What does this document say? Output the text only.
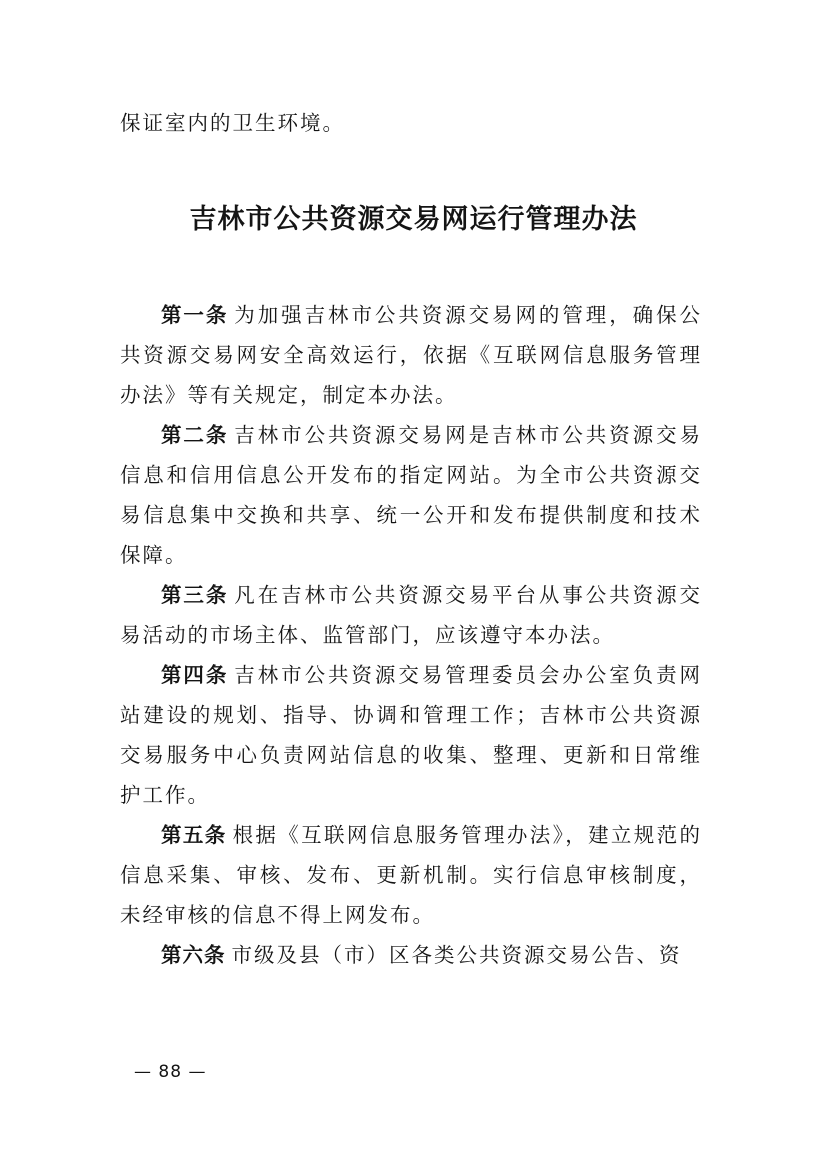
保证室内的卫生环境。
吉林市公共资源交易网运行管理办法

第一条 为加强吉林市公共资源交易网的管理，确保公共资源交易网安全高效运行，依据《互联网信息服务管理办法》等有关规定，制定本办法。

第二条 吉林市公共资源交易网是吉林市公共资源交易信息和信用信息公开发布的指定网站。为全市公共资源交易信息集中交换和共享、统一公开和发布提供制度和技术保障。

第三条 凡在吉林市公共资源交易平台从事公共资源交易活动的市场主体、监管部门，应该遵守本办法。

第四条 吉林市公共资源交易管理委员会办公室负责网站建设的规划、指导、协调和管理工作；吉林市公共资源交易服务中心负责网站信息的收集、整理、更新和日常维护工作。

第五条 根据《互联网信息服务管理办法》，建立规范的信息采集、审核、发布、更新机制。实行信息审核制度，未经审核的信息不得上网发布。

第六条 市级及县（市）区各类公共资源交易公告、资

— 88 —
